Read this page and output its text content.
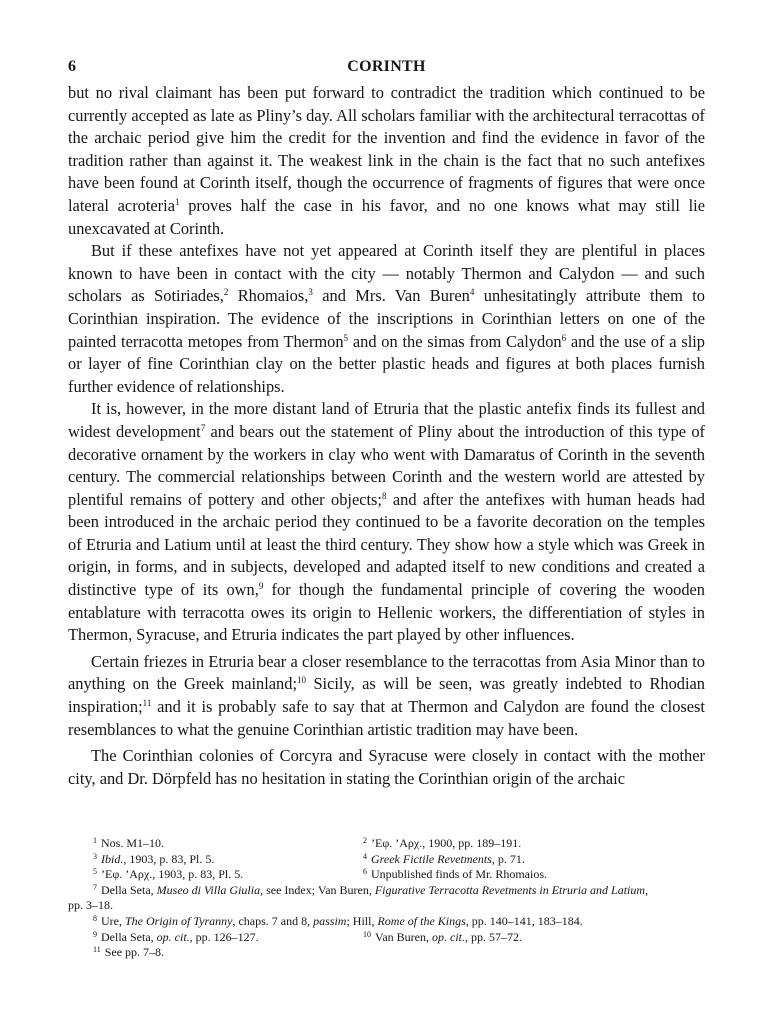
6	CORINTH

but no rival claimant has been put forward to contradict the tradition which continued to be currently accepted as late as Pliny’s day. All scholars familiar with the architectural terracottas of the archaic period give him the credit for the invention and find the evidence in favor of the tradition rather than against it. The weakest link in the chain is the fact that no such antefixes have been found at Corinth itself, though the occurrence of fragments of figures that were once lateral acroteria$^1$ proves half the case in his favor, and no one knows what may still lie unexcavated at Corinth.

But if these antefixes have not yet appeared at Corinth itself they are plentiful in places known to have been in contact with the city — notably Thermon and Calydon — and such scholars as Sotiriades,$^2$ Rhomaios,$^3$ and Mrs. Van Buren$^4$ unhesitatingly attribute them to Corinthian inspiration. The evidence of the inscriptions in Corinthian letters on one of the painted terracotta metopes from Thermon$^5$ and on the simas from Calydon$^6$ and the use of a slip or layer of fine Corinthian clay on the better plastic heads and figures at both places furnish further evidence of relationships.

It is, however, in the more distant land of Etruria that the plastic antefix finds its fullest and widest development$^7$ and bears out the statement of Pliny about the introduction of this type of decorative ornament by the workers in clay who went with Damaratus of Corinth in the seventh century. The commercial relationships between Corinth and the western world are attested by plentiful remains of pottery and other objects;$^8$ and after the antefixes with human heads had been introduced in the archaic period they continued to be a favorite decoration on the temples of Etruria and Latium until at least the third century. They show how a style which was Greek in origin, in forms, and in subjects, developed and adapted itself to new conditions and created a distinctive type of its own,$^9$ for though the fundamental principle of covering the wooden entablature with terracotta owes its origin to Hellenic workers, the differentiation of styles in Thermon, Syracuse, and Etruria indicates the part played by other influences.

Certain friezes in Etruria bear a closer resemblance to the terracottas from Asia Minor than to anything on the Greek mainland;$^{10}$ Sicily, as will be seen, was greatly indebted to Rhodian inspiration;$^{11}$ and it is probably safe to say that at Thermon and Calydon are found the closest resemblances to what the genuine Corinthian artistic tradition may have been.

The Corinthian colonies of Corcyra and Syracuse were closely in contact with the mother city, and Dr. Dörpfeld has no hesitation in stating the Corinthian origin of the archaic

$^1$ Nos. M1–10.	$^2$ ’Εφ. ’Αρχ., 1900, pp. 189–191.
$^3$ Ibid., 1903, p. 83, Pl. 5.	$^4$ Greek Fictile Revetments, p. 71.
$^5$ ’Εφ. ’Αρχ., 1903, p. 83, Pl. 5.	$^6$ Unpublished finds of Mr. Rhomaios.
$^7$ Della Seta, Museo di Villa Giulia, see Index; Van Buren, Figurative Terracotta Revetments in Etruria and Latium,
pp. 3–18.
$^8$ Ure, The Origin of Tyranny, chaps. 7 and 8, passim; Hill, Rome of the Kings, pp. 140–141, 183–184.
$^9$ Della Seta, op. cit., pp. 126–127.	$^{10}$ Van Buren, op. cit., pp. 57–72.
$^{11}$ See pp. 7–8.
